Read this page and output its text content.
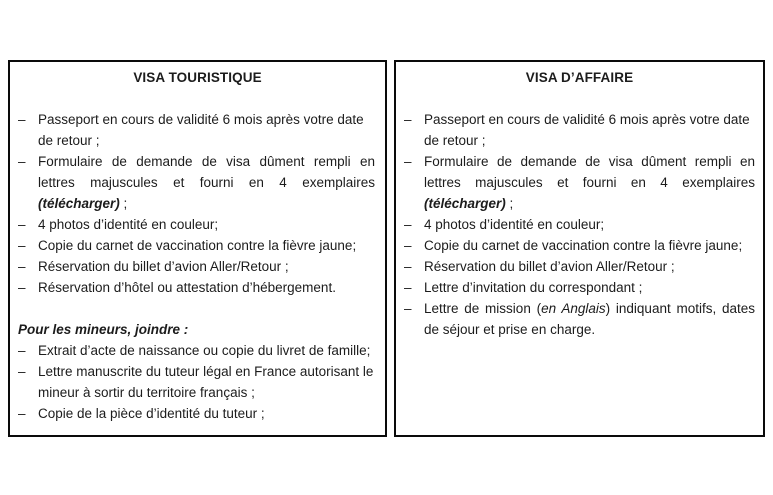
VISA TOURISTIQUE
– Passeport en cours de validité 6 mois après votre date de retour ;
– Formulaire de demande de visa dûment rempli en lettres majuscules et fourni en 4 exemplaires (télécharger) ;
– 4 photos d’identité en couleur;
– Copie du carnet de vaccination contre la fièvre jaune;
– Réservation du billet d’avion Aller/Retour ;
– Réservation d’hôtel ou attestation d’hébergement.
Pour les mineurs, joindre :
– Extrait d’acte de naissance ou copie du livret de famille;
– Lettre manuscrite du tuteur légal en France autorisant le mineur à sortir du territoire français ;
– Copie de la pièce d’identité du tuteur ;
VISA D’AFFAIRE
– Passeport en cours de validité 6 mois après votre date de retour ;
– Formulaire de demande de visa dûment rempli en lettres majuscules et fourni en 4 exemplaires (télécharger) ;
– 4 photos d’identité en couleur;
– Copie du carnet de vaccination contre la fièvre jaune;
– Réservation du billet d’avion Aller/Retour ;
– Lettre d’invitation du correspondant ;
– Lettre de mission (en Anglais) indiquant motifs, dates de séjour et prise en charge.
